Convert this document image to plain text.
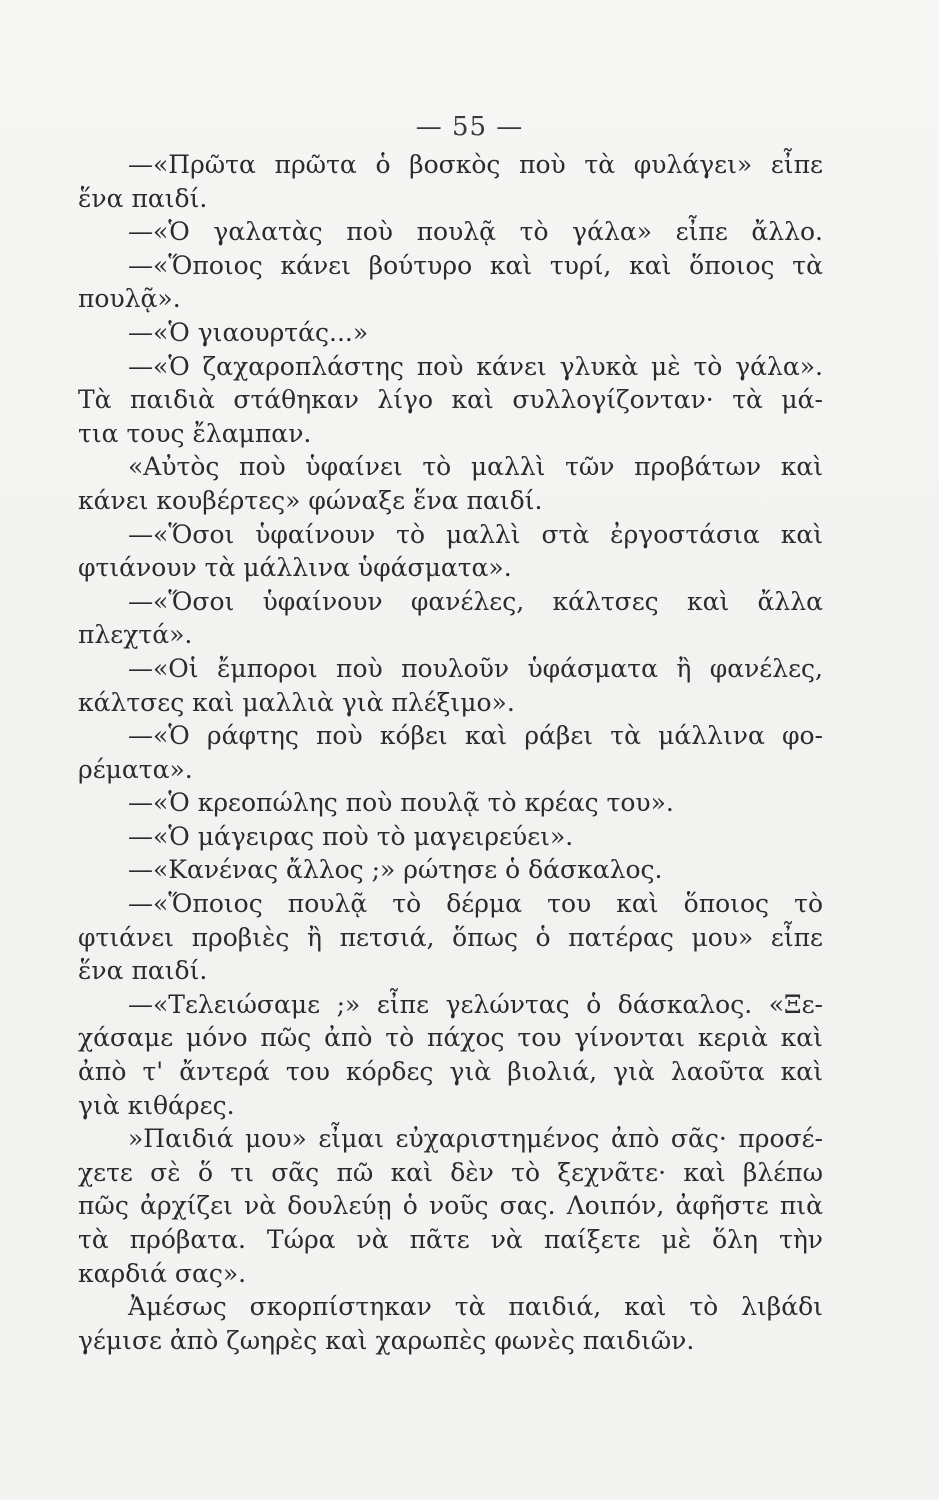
— 55 —
—«Πρῶτα πρῶτα ὁ βοσκὸς ποὺ τὰ φυλάγει» εἶπε
ἕνα παιδί.
—«Ὁ γαλατὰς ποὺ πουλᾷ τὸ γάλα» εἶπε ἄλλο.
—«Ὅποιος κάνει βούτυρο καὶ τυρί, καὶ ὅποιος τὰ
πουλᾷ».
—«Ὁ γιαουρτάς...»
—«Ὁ ζαχαροπλάστης ποὺ κάνει γλυκὰ μὲ τὸ γάλα».
Τὰ παιδιὰ στάθηκαν λίγο καὶ συλλογίζονταν· τὰ μά-
τια τους ἔλαμπαν.
«Αὐτὸς ποὺ ὑφαίνει τὸ μαλλὶ τῶν προβάτων καὶ
κάνει κουβέρτες» φώναξε ἕνα παιδί.
—«Ὅσοι ὑφαίνουν τὸ μαλλὶ στὰ ἐργοστάσια καὶ
φτιάνουν τὰ μάλλινα ὑφάσματα».
—«Ὅσοι ὑφαίνουν φανέλες, κάλτσες καὶ ἄλλα
πλεχτά».
—«Οἱ ἔμποροι ποὺ πουλοῦν ὑφάσματα ἢ φανέλες,
κάλτσες καὶ μαλλιὰ γιὰ πλέξιμο».
—«Ὁ ράφτης ποὺ κόβει καὶ ράβει τὰ μάλλινα φο-
ρέματα».
—«Ὁ κρεοπώλης ποὺ πουλᾷ τὸ κρέας του».
—«Ὁ μάγειρας ποὺ τὸ μαγειρεύει».
—«Κανένας ἄλλος ;» ρώτησε ὁ δάσκαλος.
—«Ὅποιος πουλᾷ τὸ δέρμα του καὶ ὅποιος τὸ
φτιάνει προβιὲς ἢ πετσιά, ὅπως ὁ πατέρας μου» εἶπε
ἕνα παιδί.
—«Τελειώσαμε ;» εἶπε γελώντας ὁ δάσκαλος. «Ξε-
χάσαμε μόνο πῶς ἀπὸ τὸ πάχος του γίνονται κεριὰ καὶ
ἀπὸ τ' ἄντερά του κόρδες γιὰ βιολιά, γιὰ λαοῦτα καὶ
γιὰ κιθάρες.
»Παιδιά μου» εἶμαι εὐχαριστημένος ἀπὸ σᾶς· προσέ-
χετε σὲ ὅ τι σᾶς πῶ καὶ δὲν τὸ ξεχνᾶτε· καὶ βλέπω
πῶς ἀρχίζει νὰ δουλεύῃ ὁ νοῦς σας. Λοιπόν, ἀφῆστε πιὰ
τὰ πρόβατα. Τώρα νὰ πᾶτε νὰ παίξετε μὲ ὅλη τὴν
καρδιά σας».
Ἀμέσως σκορπίστηκαν τὰ παιδιά, καὶ τὸ λιβάδι
γέμισε ἀπὸ ζωηρὲς καὶ χαρωπὲς φωνὲς παιδιῶν.
